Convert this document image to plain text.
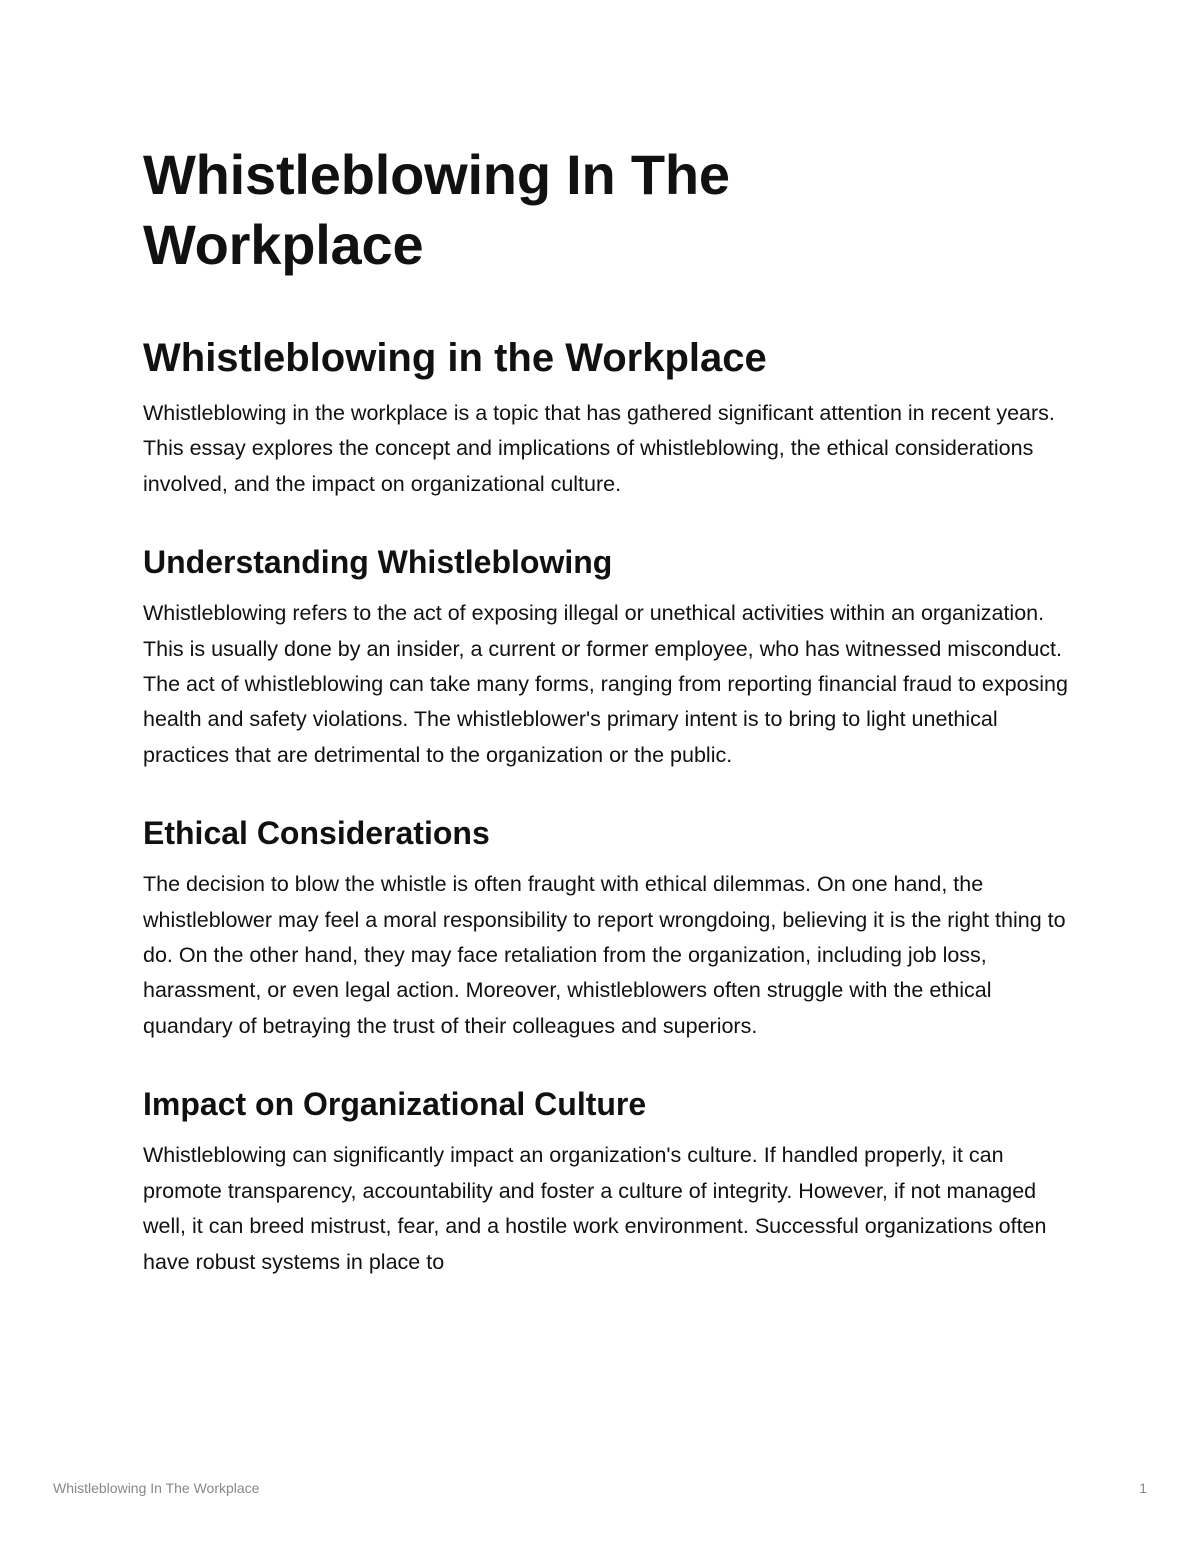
Whistleblowing In The
Workplace
Whistleblowing in the Workplace

Whistleblowing in the workplace is a topic that has gathered significant attention in recent years. This essay explores the concept and implications of whistleblowing, the ethical considerations involved, and the impact on organizational culture.

Understanding Whistleblowing

Whistleblowing refers to the act of exposing illegal or unethical activities within an organization. This is usually done by an insider, a current or former employee, who has witnessed misconduct. The act of whistleblowing can take many forms, ranging from reporting financial fraud to exposing health and safety violations. The whistleblower's primary intent is to bring to light unethical practices that are detrimental to the organization or the public.

Ethical Considerations

The decision to blow the whistle is often fraught with ethical dilemmas. On one hand, the whistleblower may feel a moral responsibility to report wrongdoing, believing it is the right thing to do. On the other hand, they may face retaliation from the organization, including job loss, harassment, or even legal action. Moreover, whistleblowers often struggle with the ethical quandary of betraying the trust of their colleagues and superiors.

Impact on Organizational Culture

Whistleblowing can significantly impact an organization's culture. If handled properly, it can promote transparency, accountability and foster a culture of integrity. However, if not managed well, it can breed mistrust, fear, and a hostile work environment. Successful organizations often have robust systems in place to

Whistleblowing In The Workplace	1
